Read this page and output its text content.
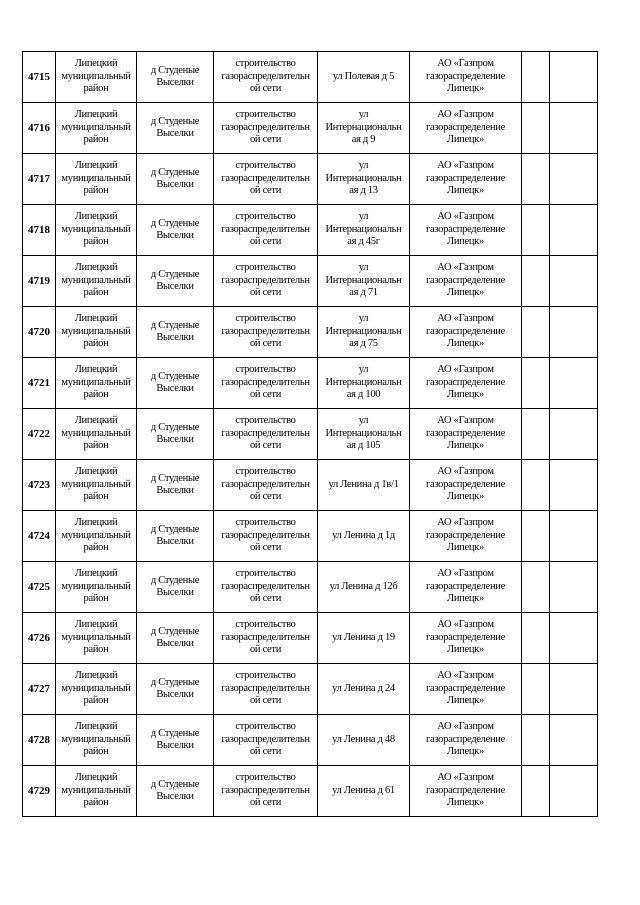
4715	Липецкий муниципальный район	д Студеные Выселки	строительство газораспределительн ой сети	ул Полевая д 5	АО «Газпром газораспределение Липецк»		
4716	Липецкий муниципальный район	д Студеные Выселки	строительство газораспределительн ой сети	ул Интернациональн ая д 9	АО «Газпром газораспределение Липецк»		
4717	Липецкий муниципальный район	д Студеные Выселки	строительство газораспределительн ой сети	ул Интернациональн ая д 13	АО «Газпром газораспределение Липецк»		
4718	Липецкий муниципальный район	д Студеные Выселки	строительство газораспределительн ой сети	ул Интернациональн ая д 45г	АО «Газпром газораспределение Липецк»		
4719	Липецкий муниципальный район	д Студеные Выселки	строительство газораспределительн ой сети	ул Интернациональн ая д 71	АО «Газпром газораспределение Липецк»		
4720	Липецкий муниципальный район	д Студеные Выселки	строительство газораспределительн ой сети	ул Интернациональн ая д 75	АО «Газпром газораспределение Липецк»		
4721	Липецкий муниципальный район	д Студеные Выселки	строительство газораспределительн ой сети	ул Интернациональн ая д 100	АО «Газпром газораспределение Липецк»		
4722	Липецкий муниципальный район	д Студеные Выселки	строительство газораспределительн ой сети	ул Интернациональн ая д 105	АО «Газпром газораспределение Липецк»		
4723	Липецкий муниципальный район	д Студеные Выселки	строительство газораспределительн ой сети	ул Ленина д 1в/1	АО «Газпром газораспределение Липецк»		
4724	Липецкий муниципальный район	д Студеные Выселки	строительство газораспределительн ой сети	ул Ленина д 1д	АО «Газпром газораспределение Липецк»		
4725	Липецкий муниципальный район	д Студеные Выселки	строительство газораспределительн ой сети	ул Ленина д 12б	АО «Газпром газораспределение Липецк»		
4726	Липецкий муниципальный район	д Студеные Выселки	строительство газораспределительн ой сети	ул Ленина д 19	АО «Газпром газораспределение Липецк»		
4727	Липецкий муниципальный район	д Студеные Выселки	строительство газораспределительн ой сети	ул Ленина д 24	АО «Газпром газораспределение Липецк»		
4728	Липецкий муниципальный район	д Студеные Выселки	строительство газораспределительн ой сети	ул Ленина д 48	АО «Газпром газораспределение Липецк»		
4729	Липецкий муниципальный район	д Студеные Выселки	строительство газораспределительн ой сети	ул Ленина д 61	АО «Газпром газораспределение Липецк»		
